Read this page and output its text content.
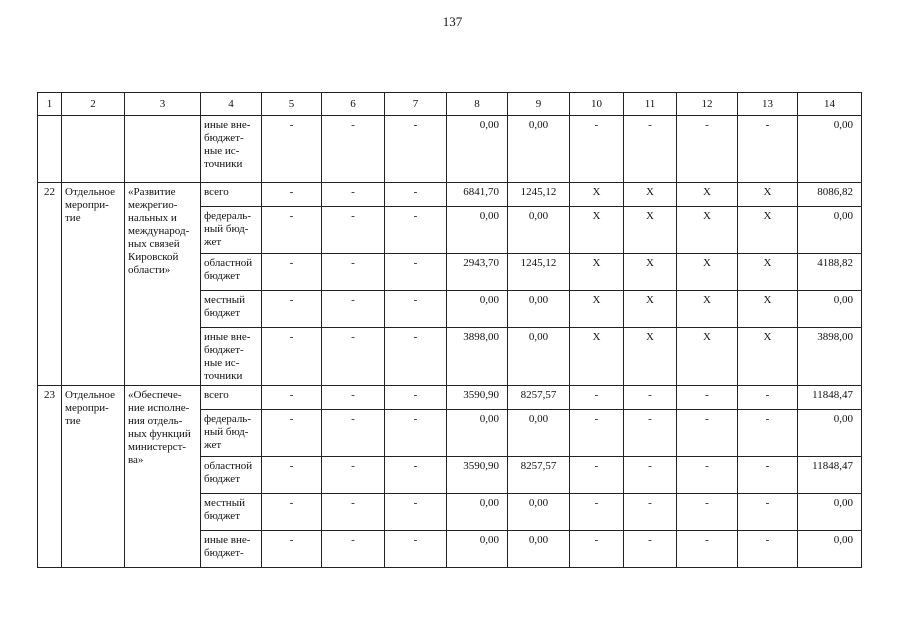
137
1	2	3	4	5	6	7	8	9	10	11	12	13	14
			иные вне-бюджет-ные ис-точники	-	-	-	0,00	0,00	-	-	-	-	0,00
22	Отдельное меропри-тие	«Развитие межрегио-нальных и международ-ных связей Кировской области»	всего	-	-	-	6841,70	1245,12	X	X	X	X	8086,82
			федераль-ный бюд-жет	-	-	-	0,00	0,00	X	X	X	X	0,00
			областной бюджет	-	-	-	2943,70	1245,12	X	X	X	X	4188,82
			местный бюджет	-	-	-	0,00	0,00	X	X	X	X	0,00
			иные вне-бюджет-ные ис-точники	-	-	-	3898,00	0,00	X	X	X	X	3898,00
23	Отдельное меропри-тие	«Обеспече-ние исполне-ния отдель-ных функций министерст-ва»	всего	-	-	-	3590,90	8257,57	-	-	-	-	11848,47
			федераль-ный бюд-жет	-	-	-	0,00	0,00	-	-	-	-	0,00
			областной бюджет	-	-	-	3590,90	8257,57	-	-	-	-	11848,47
			местный бюджет	-	-	-	0,00	0,00	-	-	-	-	0,00
			иные вне-бюджет-	-	-	-	0,00	0,00	-	-	-	-	0,00
